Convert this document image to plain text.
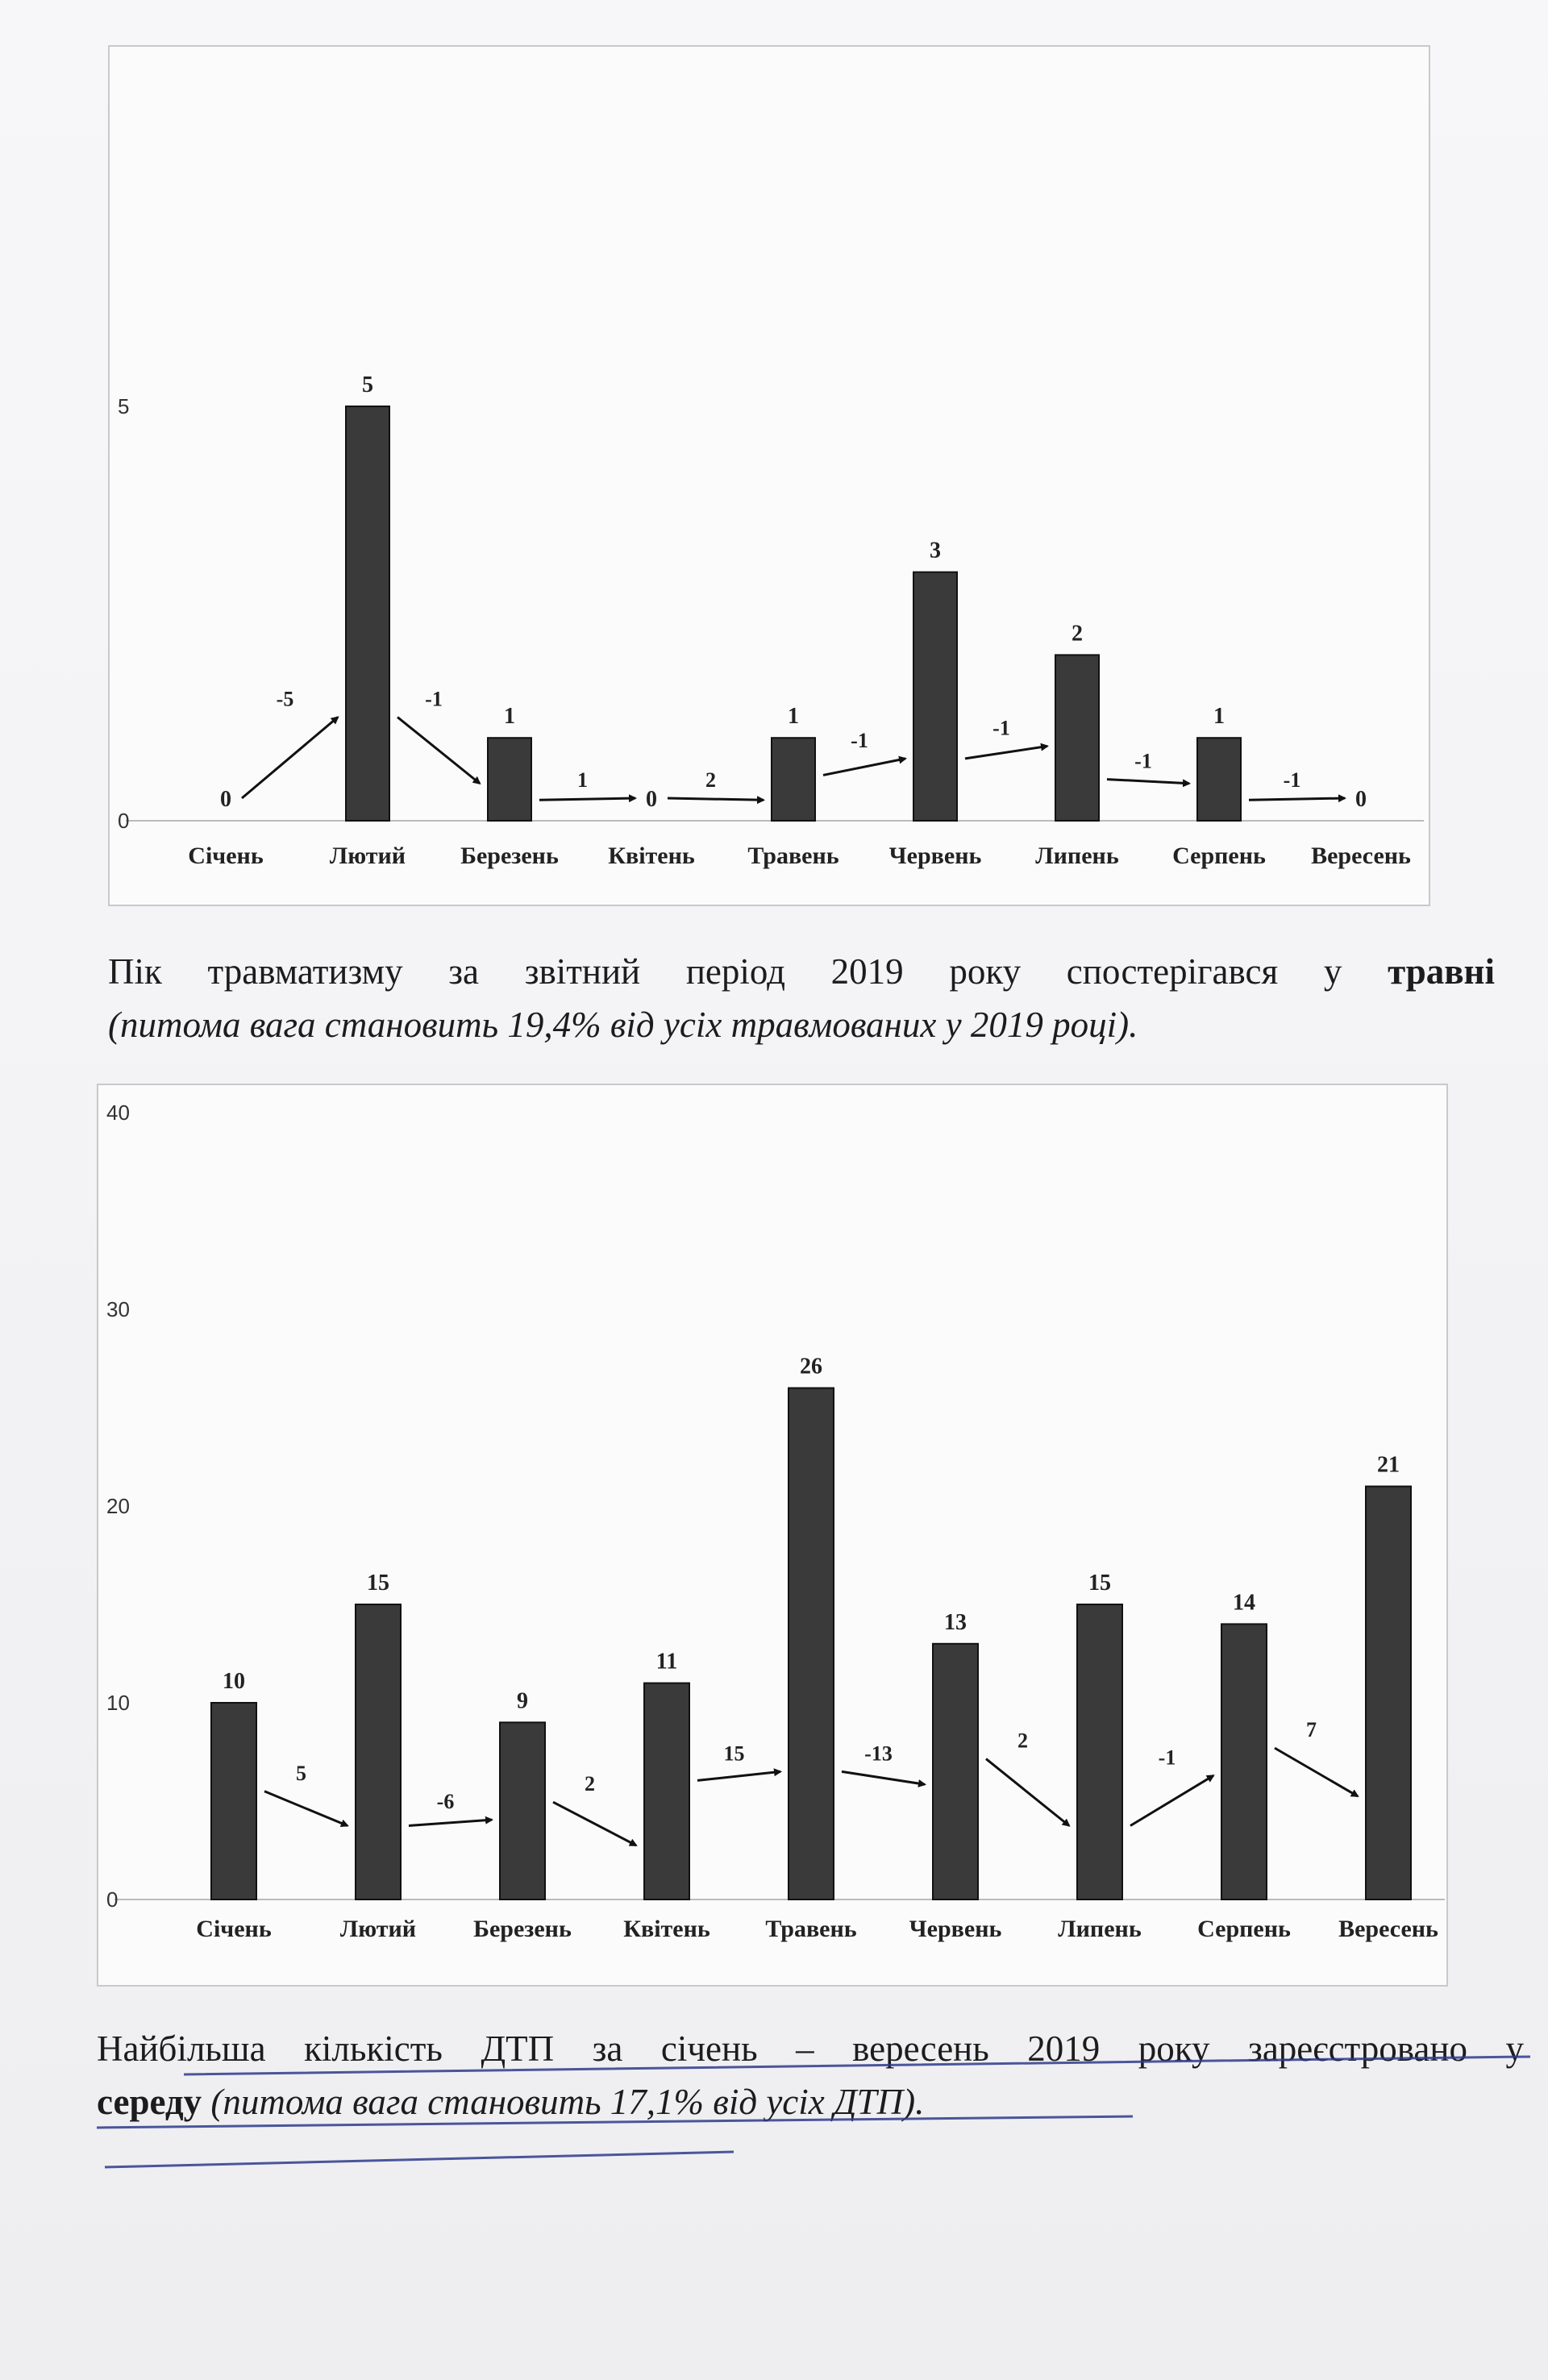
0
5
0
Січень
5
Лютий
1
Березень
0
Квітень
1
Травень
3
Червень
2
Липень
1
Серпень
0
Вересень
-5	-1
1	2
-1
-1
-1
-1
Пік травматизму за звітний період 2019 року спостерігався у травні
(питома вага становить 19,4% від усіх травмованих у 2019 році).
0
10
20
30
40
10
Січень
15
Лютий
9
Березень
11
Квітень
26
Травень
13
Червень
15
Липень
14
Серпень
21
Вересень
5
-6
2
15	-13
2
-1
7
Найбільша кількість ДТП за січень – вересень 2019 року зареєстровано у
середу (питома вага становить 17,1% від усіх ДТП).
